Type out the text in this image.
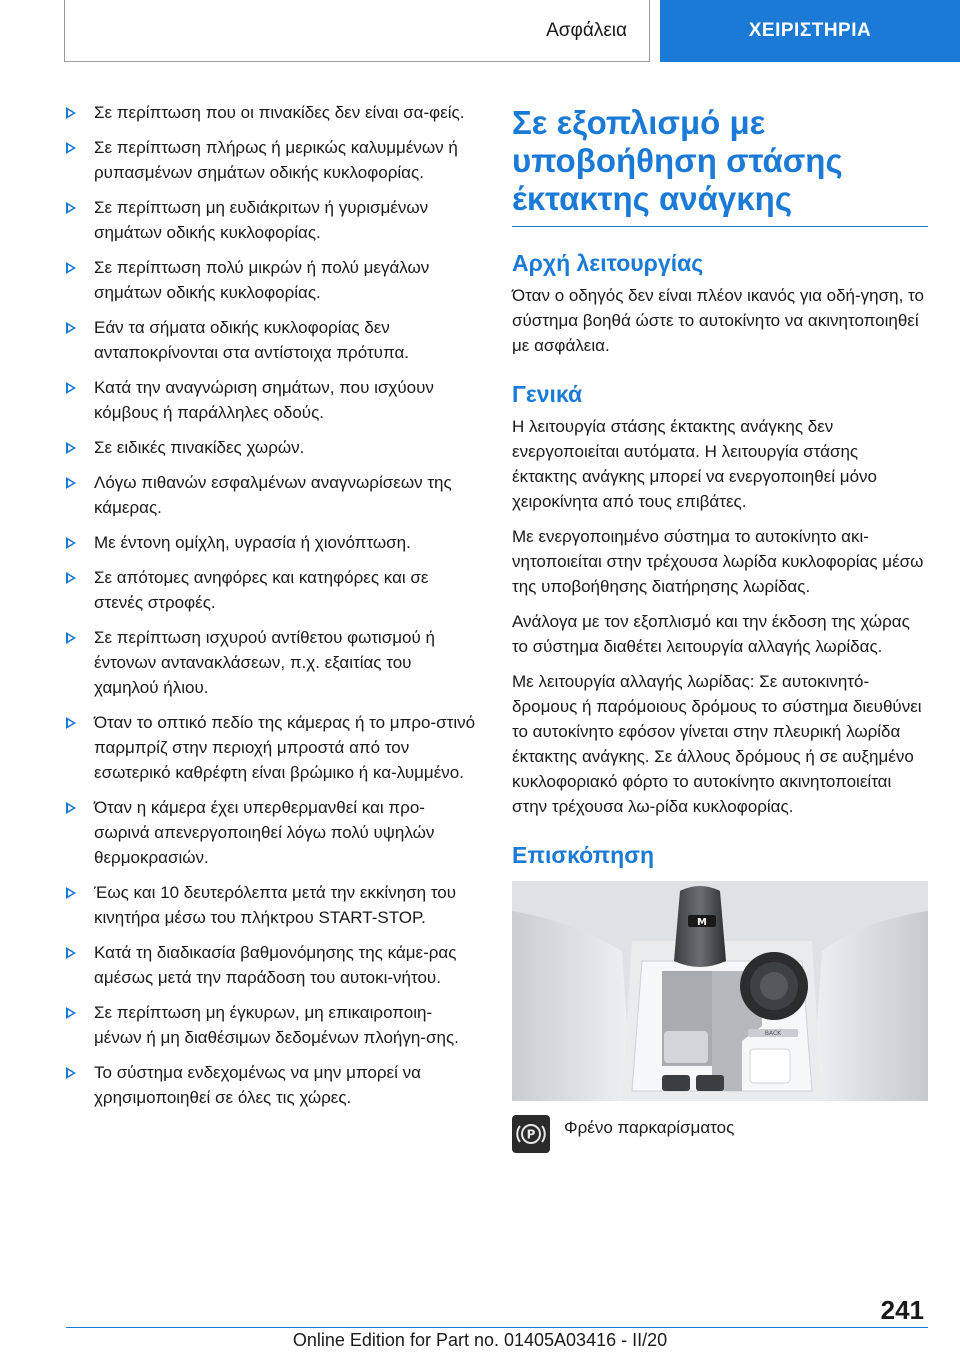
Ασφάλεια	ΧΕΙΡΙΣΤΗΡΙΑ
Σε περίπτωση που οι πινακίδες δεν είναι σα-φείς.
Σε περίπτωση πλήρως ή μερικώς καλυμμένων ή ρυπασμένων σημάτων οδικής κυκλοφορίας.
Σε περίπτωση μη ευδιάκριτων ή γυρισμένων σημάτων οδικής κυκλοφορίας.
Σε περίπτωση πολύ μικρών ή πολύ μεγάλων σημάτων οδικής κυκλοφορίας.
Εάν τα σήματα οδικής κυκλοφορίας δεν ανταποκρίνονται στα αντίστοιχα πρότυπα.
Κατά την αναγνώριση σημάτων, που ισχύουν κόμβους ή παράλληλες οδούς.
Σε ειδικές πινακίδες χωρών.
Λόγω πιθανών εσφαλμένων αναγνωρίσεων της κάμερας.
Με έντονη ομίχλη, υγρασία ή χιονόπτωση.
Σε απότομες ανηφόρες και κατηφόρες και σε στενές στροφές.
Σε περίπτωση ισχυρού αντίθετου φωτισμού ή έντονων αντανακλάσεων, π.χ. εξαιτίας του χαμηλού ήλιου.
Όταν το οπτικό πεδίο της κάμερας ή το μπρο-στινό παρμπρίζ στην περιοχή μπροστά από τον εσωτερικό καθρέφτη είναι βρώμικο ή κα-λυμμένο.
Όταν η κάμερα έχει υπερθερμανθεί και προ-σωρινά απενεργοποιηθεί λόγω πολύ υψηλών θερμοκρασιών.
Έως και 10 δευτερόλεπτα μετά την εκκίνηση του κινητήρα μέσω του πλήκτρου START-STOP.
Κατά τη διαδικασία βαθμονόμησης της κάμε-ρας αμέσως μετά την παράδοση του αυτοκι-νήτου.
Σε περίπτωση μη έγκυρων, μη επικαιροποιη-μένων ή μη διαθέσιμων δεδομένων πλοήγη-σης.
Το σύστημα ενδεχομένως να μην μπορεί να χρησιμοποιηθεί σε όλες τις χώρες.
Σε εξοπλισμό με υποβοήθηση στάσης έκτακτης ανάγκης
Αρχή λειτουργίας

Όταν ο οδηγός δεν είναι πλέον ικανός για οδή-γηση, το σύστημα βοηθά ώστε το αυτοκίνητο να ακινητοποιηθεί με ασφάλεια.

Γενικά

Η λειτουργία στάσης έκτακτης ανάγκης δεν ενεργοποιείται αυτόματα. Η λειτουργία στάσης έκτακτης ανάγκης μπορεί να ενεργοποιηθεί μόνο χειροκίνητα από τους επιβάτες.

Με ενεργοποιημένο σύστημα το αυτοκίνητο ακι-νητοποιείται στην τρέχουσα λωρίδα κυκλοφορίας μέσω της υποβοήθησης διατήρησης λωρίδας.

Ανάλογα με τον εξοπλισμό και την έκδοση της χώρας το σύστημα διαθέτει λειτουργία αλλαγής λωρίδας.

Με λειτουργία αλλαγής λωρίδας: Σε αυτοκινητό-δρομους ή παρόμοιους δρόμους το σύστημα διευθύνει το αυτοκίνητο εφόσον γίνεται στην πλευρική λωρίδα έκτακτης ανάγκης. Σε άλλους δρόμους ή σε αυξημένο κυκλοφοριακό φόρτο το αυτοκίνητο ακινητοποιείται στην τρέχουσα λω-ρίδα κυκλοφορίας.

Επισκόπηση
M
BACK
P Φρένο παρκαρίσματος
241
Online Edition for Part no. 01405A03416 - II/20
